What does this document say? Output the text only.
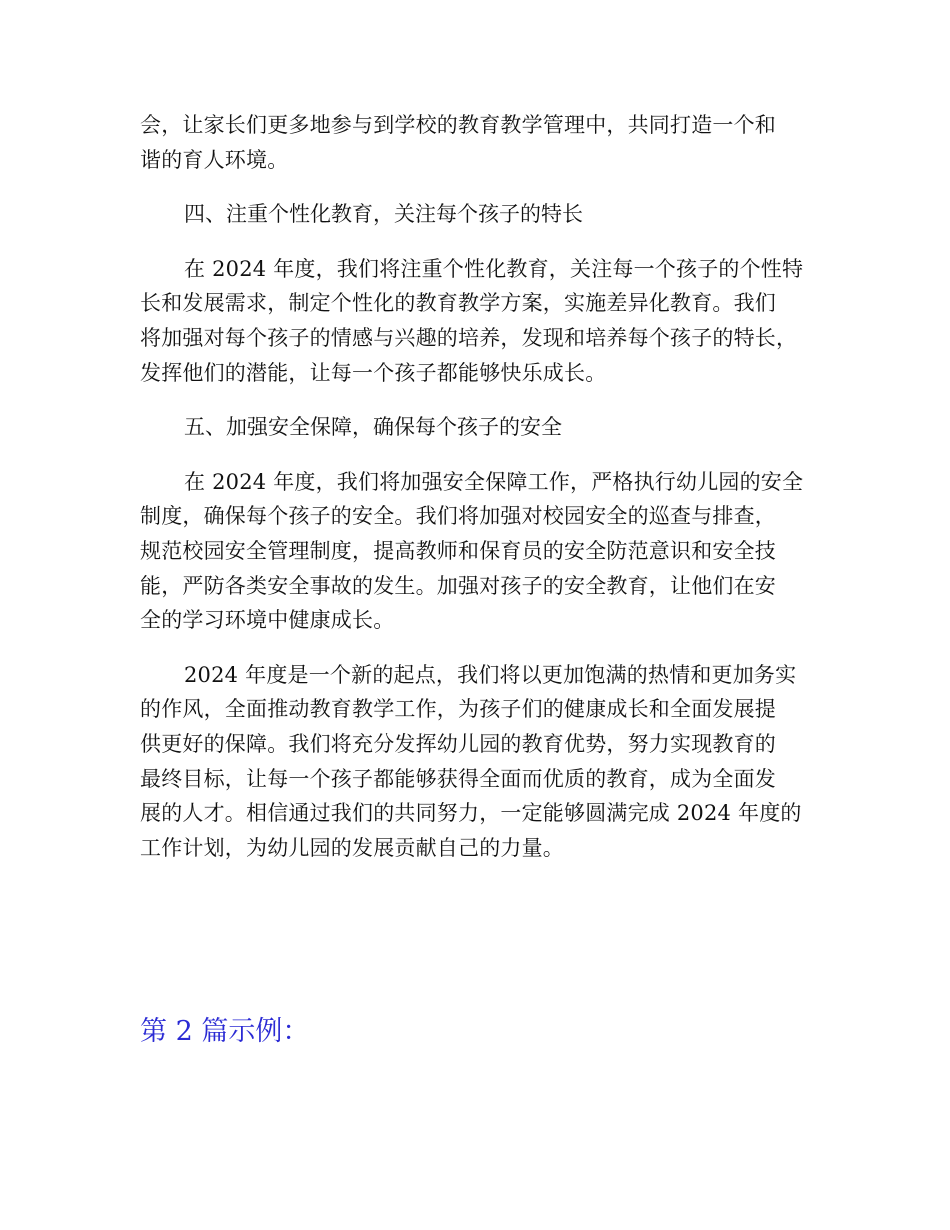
会，让家长们更多地参与到学校的教育教学管理中，共同打造一个和
谐的育人环境。
四、注重个性化教育，关注每个孩子的特长
在 2024 年度，我们将注重个性化教育，关注每一个孩子的个性特
长和发展需求，制定个性化的教育教学方案，实施差异化教育。我们
将加强对每个孩子的情感与兴趣的培养，发现和培养每个孩子的特长，
发挥他们的潜能，让每一个孩子都能够快乐成长。
五、加强安全保障，确保每个孩子的安全
在 2024 年度，我们将加强安全保障工作，严格执行幼儿园的安全
制度，确保每个孩子的安全。我们将加强对校园安全的巡查与排查，
规范校园安全管理制度，提高教师和保育员的安全防范意识和安全技
能，严防各类安全事故的发生。加强对孩子的安全教育，让他们在安
全的学习环境中健康成长。
2024 年度是一个新的起点，我们将以更加饱满的热情和更加务实
的作风，全面推动教育教学工作，为孩子们的健康成长和全面发展提
供更好的保障。我们将充分发挥幼儿园的教育优势，努力实现教育的
最终目标，让每一个孩子都能够获得全面而优质的教育，成为全面发
展的人才。相信通过我们的共同努力，一定能够圆满完成 2024 年度的
工作计划，为幼儿园的发展贡献自己的力量。
第 2 篇示例：
